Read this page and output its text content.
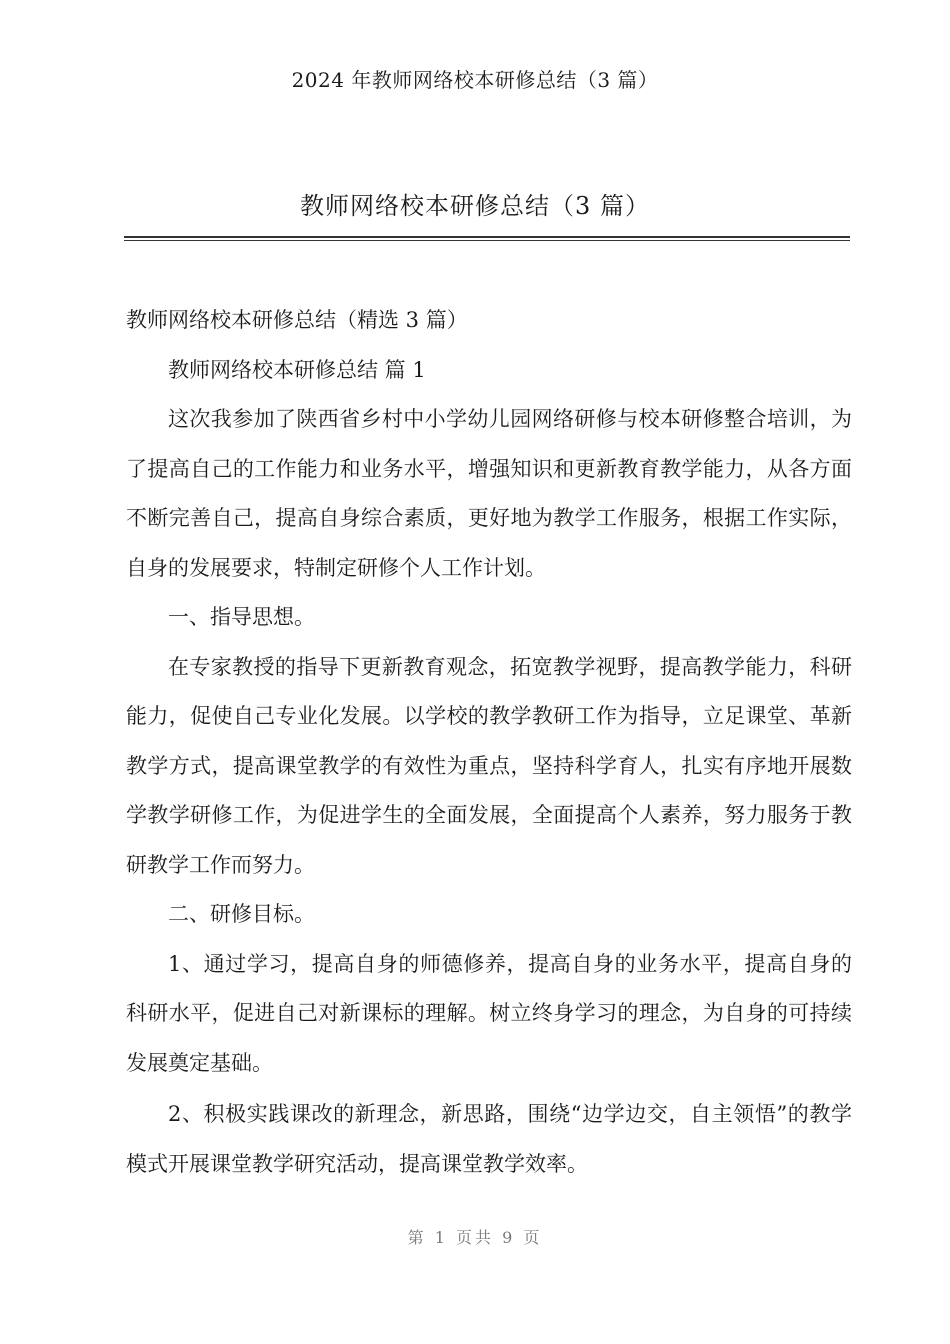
2024 年教师网络校本研修总结（3 篇）
教师网络校本研修总结（3 篇）

教师网络校本研修总结（精选 3 篇）

教师网络校本研修总结 篇 1

这次我参加了陕西省乡村中小学幼儿园网络研修与校本研修整合培训，为了提高自己的工作能力和业务水平，增强知识和更新教育教学能力，从各方面不断完善自己，提高自身综合素质，更好地为教学工作服务，根据工作实际，自身的发展要求，特制定研修个人工作计划。

一、指导思想。

在专家教授的指导下更新教育观念，拓宽教学视野，提高教学能力，科研能力，促使自己专业化发展。以学校的教学教研工作为指导，立足课堂、革新教学方式，提高课堂教学的有效性为重点，坚持科学育人，扎实有序地开展数学教学研修工作，为促进学生的全面发展，全面提高个人素养，努力服务于教研教学工作而努力。

二、研修目标。

1、通过学习，提高自身的师德修养，提高自身的业务水平，提高自身的科研水平，促进自己对新课标的理解。树立终身学习的理念，为自身的可持续发展奠定基础。

2、积极实践课改的新理念，新思路，围绕“边学边交，自主领悟”的教学模式开展课堂教学研究活动，提高课堂教学效率。

第 1 页共 9 页
